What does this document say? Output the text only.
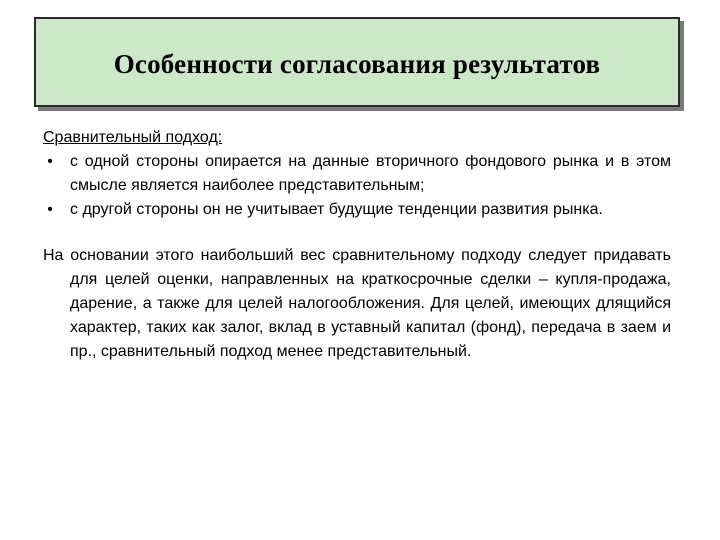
Особенности согласования результатов

Сравнительный подход:

• с одной стороны опирается на данные вторичного фондового рынка и в этом смысле является наиболее представительным;
• с другой стороны он не учитывает будущие тенденции развития рынка.

На основании этого наибольший вес сравнительному подходу следует придавать для целей оценки, направленных на краткосрочные сделки – купля-продажа, дарение, а также для целей налогообложения. Для целей, имеющих длящийся характер, таких как залог, вклад в уставный капитал (фонд), передача в заем и пр., сравнительный подход менее представительный.
